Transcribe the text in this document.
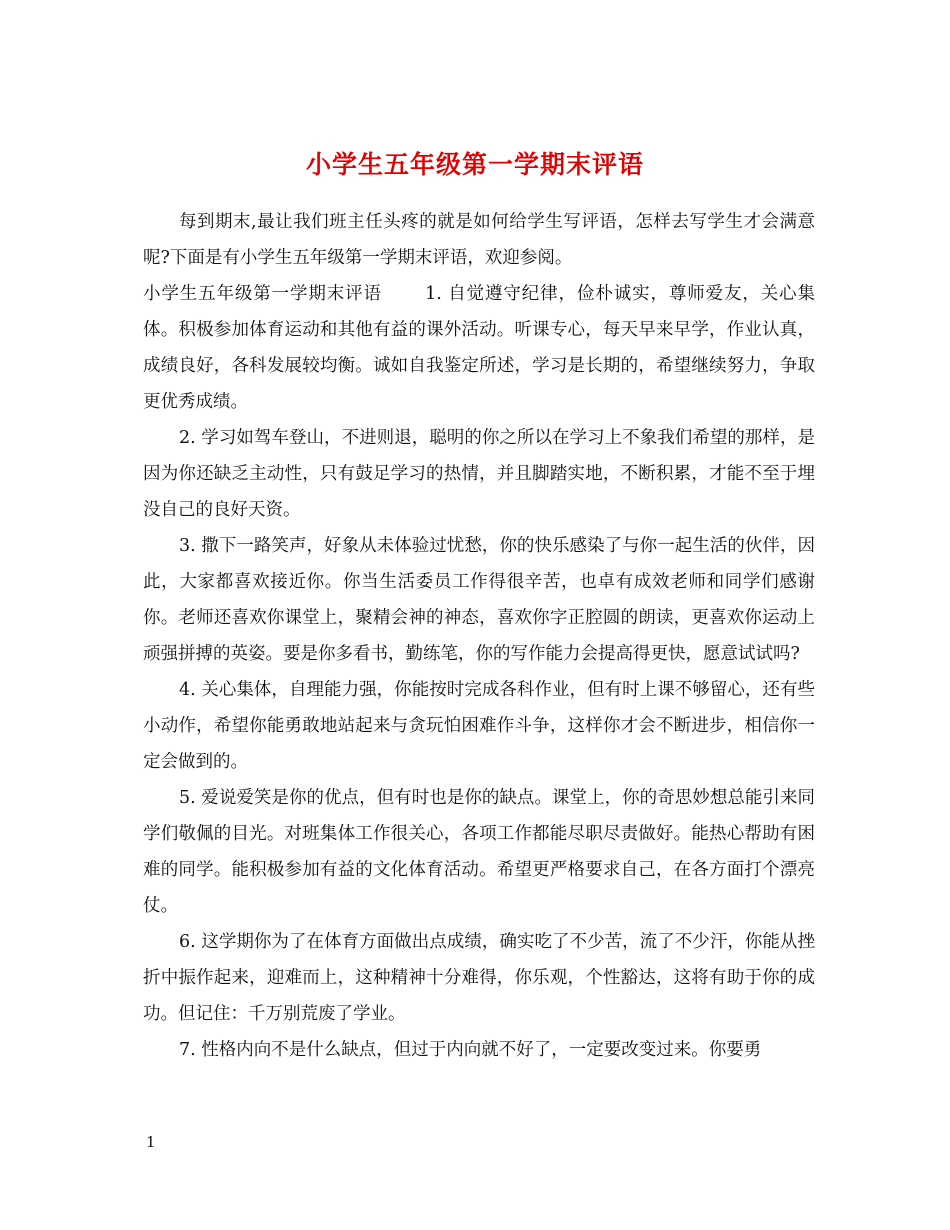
小学生五年级第一学期末评语

每到期末,最让我们班主任头疼的就是如何给学生写评语，怎样去写学生才会满意呢?下面是有小学生五年级第一学期末评语，欢迎参阅。

小学生五年级第一学期末评语　　 1. 自觉遵守纪律，俭朴诚实，尊师爱友，关心集体。积极参加体育运动和其他有益的课外活动。听课专心，每天早来早学，作业认真，成绩良好，各科发展较均衡。诚如自我鉴定所述，学习是长期的，希望继续努力，争取更优秀成绩。

2. 学习如驾车登山，不进则退，聪明的你之所以在学习上不象我们希望的那样，是因为你还缺乏主动性，只有鼓足学习的热情，并且脚踏实地，不断积累，才能不至于埋没自己的良好天资。

3. 撒下一路笑声，好象从未体验过忧愁，你的快乐感染了与你一起生活的伙伴，因此，大家都喜欢接近你。你当生活委员工作得很辛苦，也卓有成效老师和同学们感谢你。老师还喜欢你课堂上，聚精会神的神态，喜欢你字正腔圆的朗读，更喜欢你运动上顽强拼搏的英姿。要是你多看书，勤练笔，你的写作能力会提高得更快，愿意试试吗?

4. 关心集体，自理能力强，你能按时完成各科作业，但有时上课不够留心，还有些小动作，希望你能勇敢地站起来与贪玩怕困难作斗争，这样你才会不断进步，相信你一定会做到的。

5. 爱说爱笑是你的优点，但有时也是你的缺点。课堂上，你的奇思妙想总能引来同学们敬佩的目光。对班集体工作很关心，各项工作都能尽职尽责做好。能热心帮助有困难的同学。能积极参加有益的文化体育活动。希望更严格要求自己，在各方面打个漂亮仗。

6. 这学期你为了在体育方面做出点成绩，确实吃了不少苦，流了不少汗，你能从挫折中振作起来，迎难而上，这种精神十分难得，你乐观，个性豁达，这将有助于你的成功。但记住：千万别荒废了学业。

7. 性格内向不是什么缺点，但过于内向就不好了，一定要改变过来。你要勇

1
